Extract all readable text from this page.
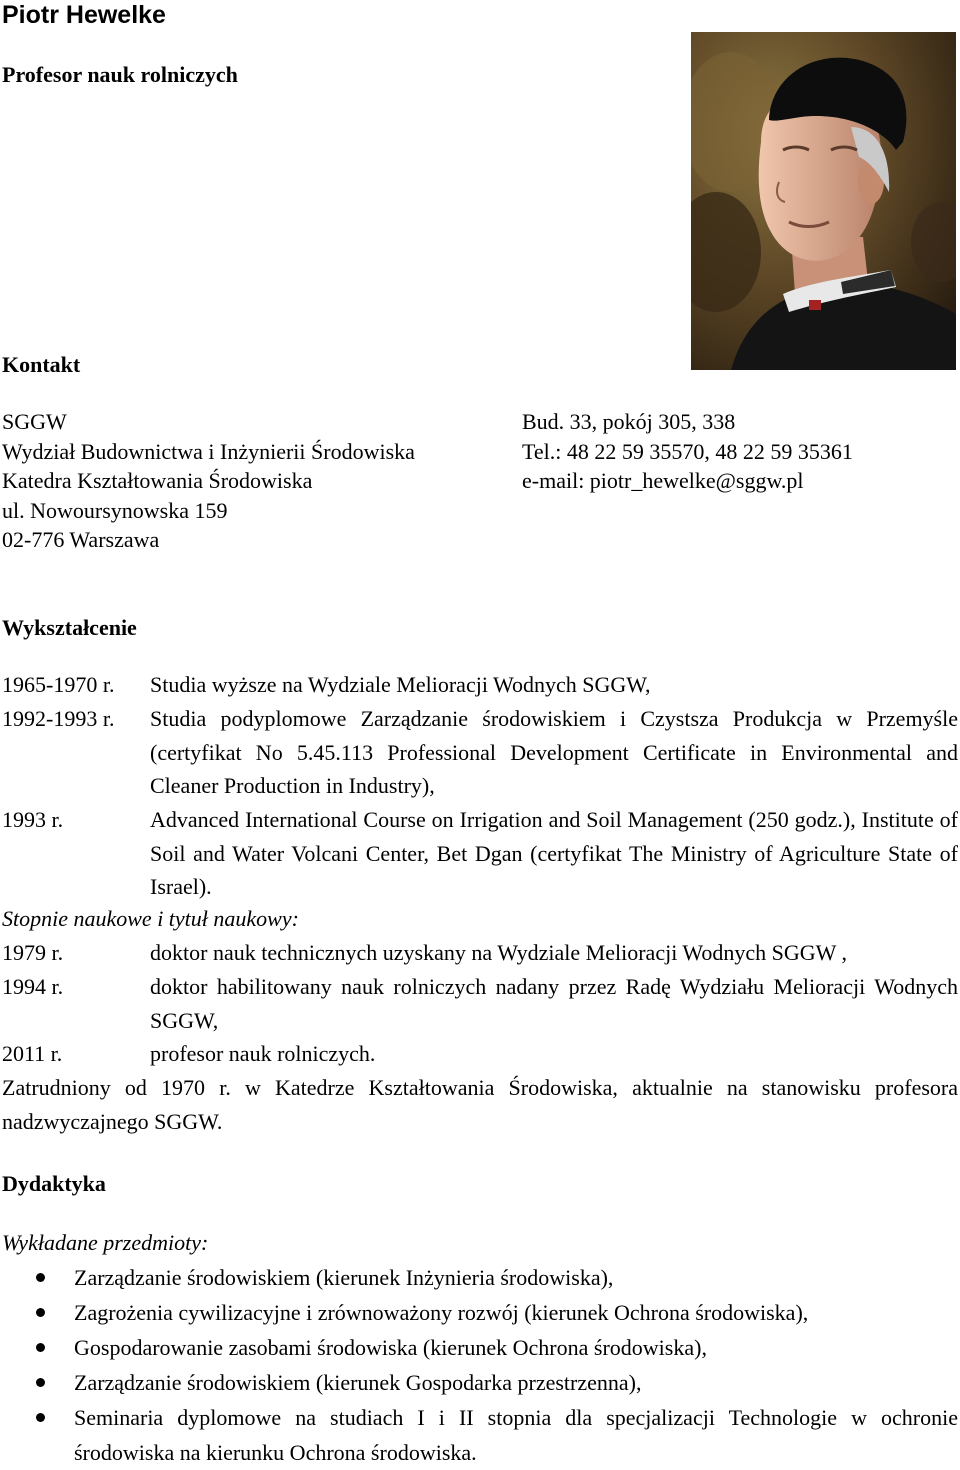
Piotr Hewelke

Profesor nauk rolniczych

Kontakt
SGGW
Wydział Budownictwa i Inżynierii Środowiska
Katedra Kształtowania Środowiska
ul. Nowoursynowska 159
02-776 Warszawa
Bud. 33, pokój 305, 338
Tel.: 48 22 59 35570, 48 22 59 35361
e-mail: piotr_hewelke@sggw.pl
Wykształcenie
1965-1970 r. Studia wyższe na Wydziale Melioracji Wodnych SGGW,
1992-1993 r. Studia podyplomowe Zarządzanie środowiskiem i Czystsza Produkcja w Przemyśle (certyfikat No 5.45.113 Professional Development Certificate in Environmental and Cleaner Production in Industry),
1993 r.	Advanced International Course on Irrigation and Soil Management (250 godz.), Institute of Soil and Water Volcani Center, Bet Dgan (certyfikat The Ministry of Agriculture State of Israel).
Stopnie naukowe i tytuł naukowy:
1979 r.	doktor nauk technicznych uzyskany na Wydziale Melioracji Wodnych SGGW ,
1994 r.	doktor habilitowany nauk rolniczych nadany przez Radę Wydziału Melioracji Wodnych SGGW,
2011 r.	profesor nauk rolniczych.
Zatrudniony od 1970 r. w Katedrze Kształtowania Środowiska, aktualnie na stanowisku profesora nadzwyczajnego SGGW.
Dydaktyka
Wykładane przedmioty:
Zarządzanie środowiskiem (kierunek Inżynieria środowiska),
Zagrożenia cywilizacyjne i zrównoważony rozwój (kierunek Ochrona środowiska),
Gospodarowanie zasobami środowiska (kierunek Ochrona środowiska),
Zarządzanie środowiskiem (kierunek Gospodarka przestrzenna),
Seminaria dyplomowe na studiach I i II stopnia dla specjalizacji Technologie w ochronie środowiska na kierunku Ochrona środowiska.
